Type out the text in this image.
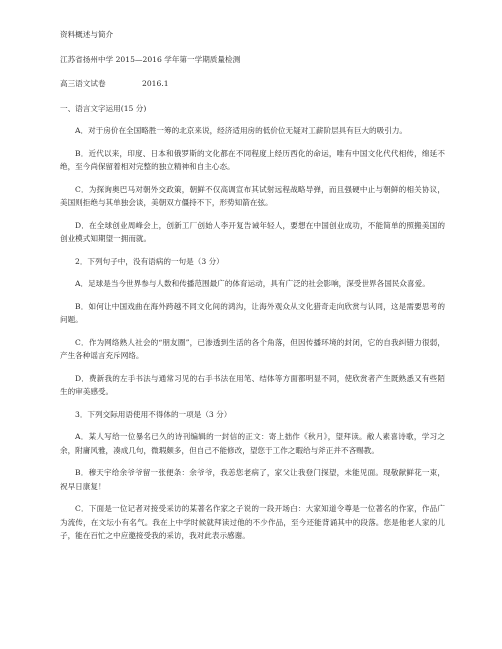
资料概述与简介

江苏省扬州中学 2015—2016 学年第一学期质量检测

高三语文试卷	2016.1

一、语言文字运用(15 分)

A．对于房价在全国略胜一筹的北京来说，经济适用房的低价位无疑对工薪阶层具有巨大的吸引力。

B．近代以来，印度、日本和俄罗斯的文化都在不同程度上经历西化的命运，唯有中国文化代代相传，绵延不绝，至今尚保留着相对完整的独立精神和自主心态。

C．为探询奥巴马对朝外交政策，朝鲜不仅高调宣布其试射远程战略导弹，而且强硬中止与朝鲜的相关协议，美国则拒绝与其单独会谈，美朝双方僵持不下，形势知箭在弦。

D．在全球创业周峰会上，创新工厂创始人李开复告诫年轻人，要想在中国创业成功，不能简单的照搬美国的创业模式知期望一拥而就。

2．下列句子中，没有语病的一句是（3 分）

A．足球是当今世界参与人数和传播范围最广的体育运动，具有广泛的社会影响，深受世界各国民众喜爱。

B．如何让中国戏曲在海外跨越不同文化间的鸿沟，让海外观众从文化猎奇走向欣赏与认同，这是需要思考的问题。

C．作为网络熟人社会的“朋友圈”，已渗透到生活的各个角落，但因传播环境的封闭，它的自我纠错力很弱，产生各种谣言充斥网络。

D．费新我的左手书法与通常习见的右手书法在用笔、结体等方面都明显不同，使欣赏者产生既熟悉又有些陌生的审美感受。

3．下列交际用语使用不得体的一项是（3 分）

A．某人写给一位暴名已久的诗刊编辑的一封信的正文：寄上拙作《秋月》，望拜读。敝人素喜诗歌，学习之余，附庸风雅，凑成几句，微瑕颇多，但自己不能修改，望您于工作之暇给与斧正并不吝赐教。

B．穆天宇给余爷爷留一张便条：余爷爷，我恙您老病了，家父让我登门探望，未能见面。现敬献鲜花一束，祝早日康复！

C．下面是一位记者对接受采访的某著名作家之子说的一段开场白：大家知道令尊是一位著名的作家，作品广为流传，在文坛小有名气。我在上中学时候就拜读过他的不少作品，至今还能背诵其中的段落。您是他老人家的儿子，能在百忙之中应邀接受我的采访，我对此表示感谢。
